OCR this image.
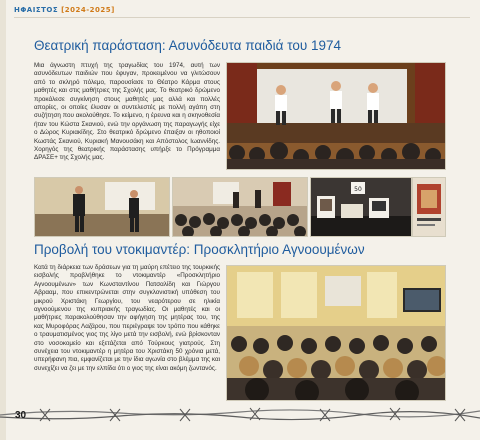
ΗΦΑΙΣΤΟΣ [2024-2025]
Θεατρική παράσταση: Ασυνόδευτα παιδιά του 1974

Μια άγνωστη πτυχή της τραγωδίας του 1974, αυτή των ασυνόδευτων παιδιών που έφυγαν, προκειμένου να γλιτώσουν από το σκληρό πόλεμο, παρουσίασε το Θέατρο Κάρμα στους μαθητές και στις μαθήτριες της Σχολής μας. Το θεατρικό δρώμενο προκάλεσε συγκίνηση στους μαθητές μας αλλά και πολλές απορίες, οι οποίες έλυσαν οι συντελεστές με πολλή αγάπη στη συζήτηση που ακολούθησε. Το κείμενο, η έρευνα και η σκηνοθεσία ήταν του Κώστα Σκανιού, ενώ την οργάνωση της παραγωγής είχε ο Δώρος Κυριακίδης. Στο θεατρικό δρώμενο έπαιξαν οι ηθοποιοί Κωστάς Σκανιού, Κυριακή Μανουσάκη και Απόστολος Ιωαννίδης. Χορηγός της θεατρικής παράστασης υπήρξε το Πρόγραμμα ΔΡΑΣΕ+ της Σχολής μας.

50
Προβολή του ντοκιμαντέρ: Προσκλητήριο Αγνοουμένων

Κατά τη διάρκεια των δράσεων για τη μαύρη επέτειο της τουρκικής εισβολής προβλήθηκε το ντοκιμαντέρ «Προσκλητήριο Αγνοουμένων» των Κωνσταντίνου Πατσαλίδη και Γιώργου Αβρααμ, που επικεντρώνεται στην συγκλονιστική υπόθεση του μικρού Χριστάκη Γεωργίου, του νεαρότερου σε ηλικία αγνοούμενου της κυπριακής τραγωδίας. Οι μαθητές και οι μαθήτριες παρακολούθησαν την αφήγηση της μητέρας του, της κας Μυροφόρας Λαζάρου, που περιέγραψε τον τρόπο που κάθηκε ο τραυματισμένος γιος της λίγο μετά την εισβολή, ενώ βρίσκονταν στο νοσοκομείο και εξετάζεται από Τούρκους γιατρούς. Στη συνέχεια του ντοκιμαντέρ η μητέρα του Χριστάκη 50 χρόνια μετά, υπερήφανη πια, εμφανίζεται με την ίδια αγωνία στο βλέμμα της και συνεχίζει να ζει με την ελπίδα ότι ο γιος της είναι ακόμη ζωντανός.

30
